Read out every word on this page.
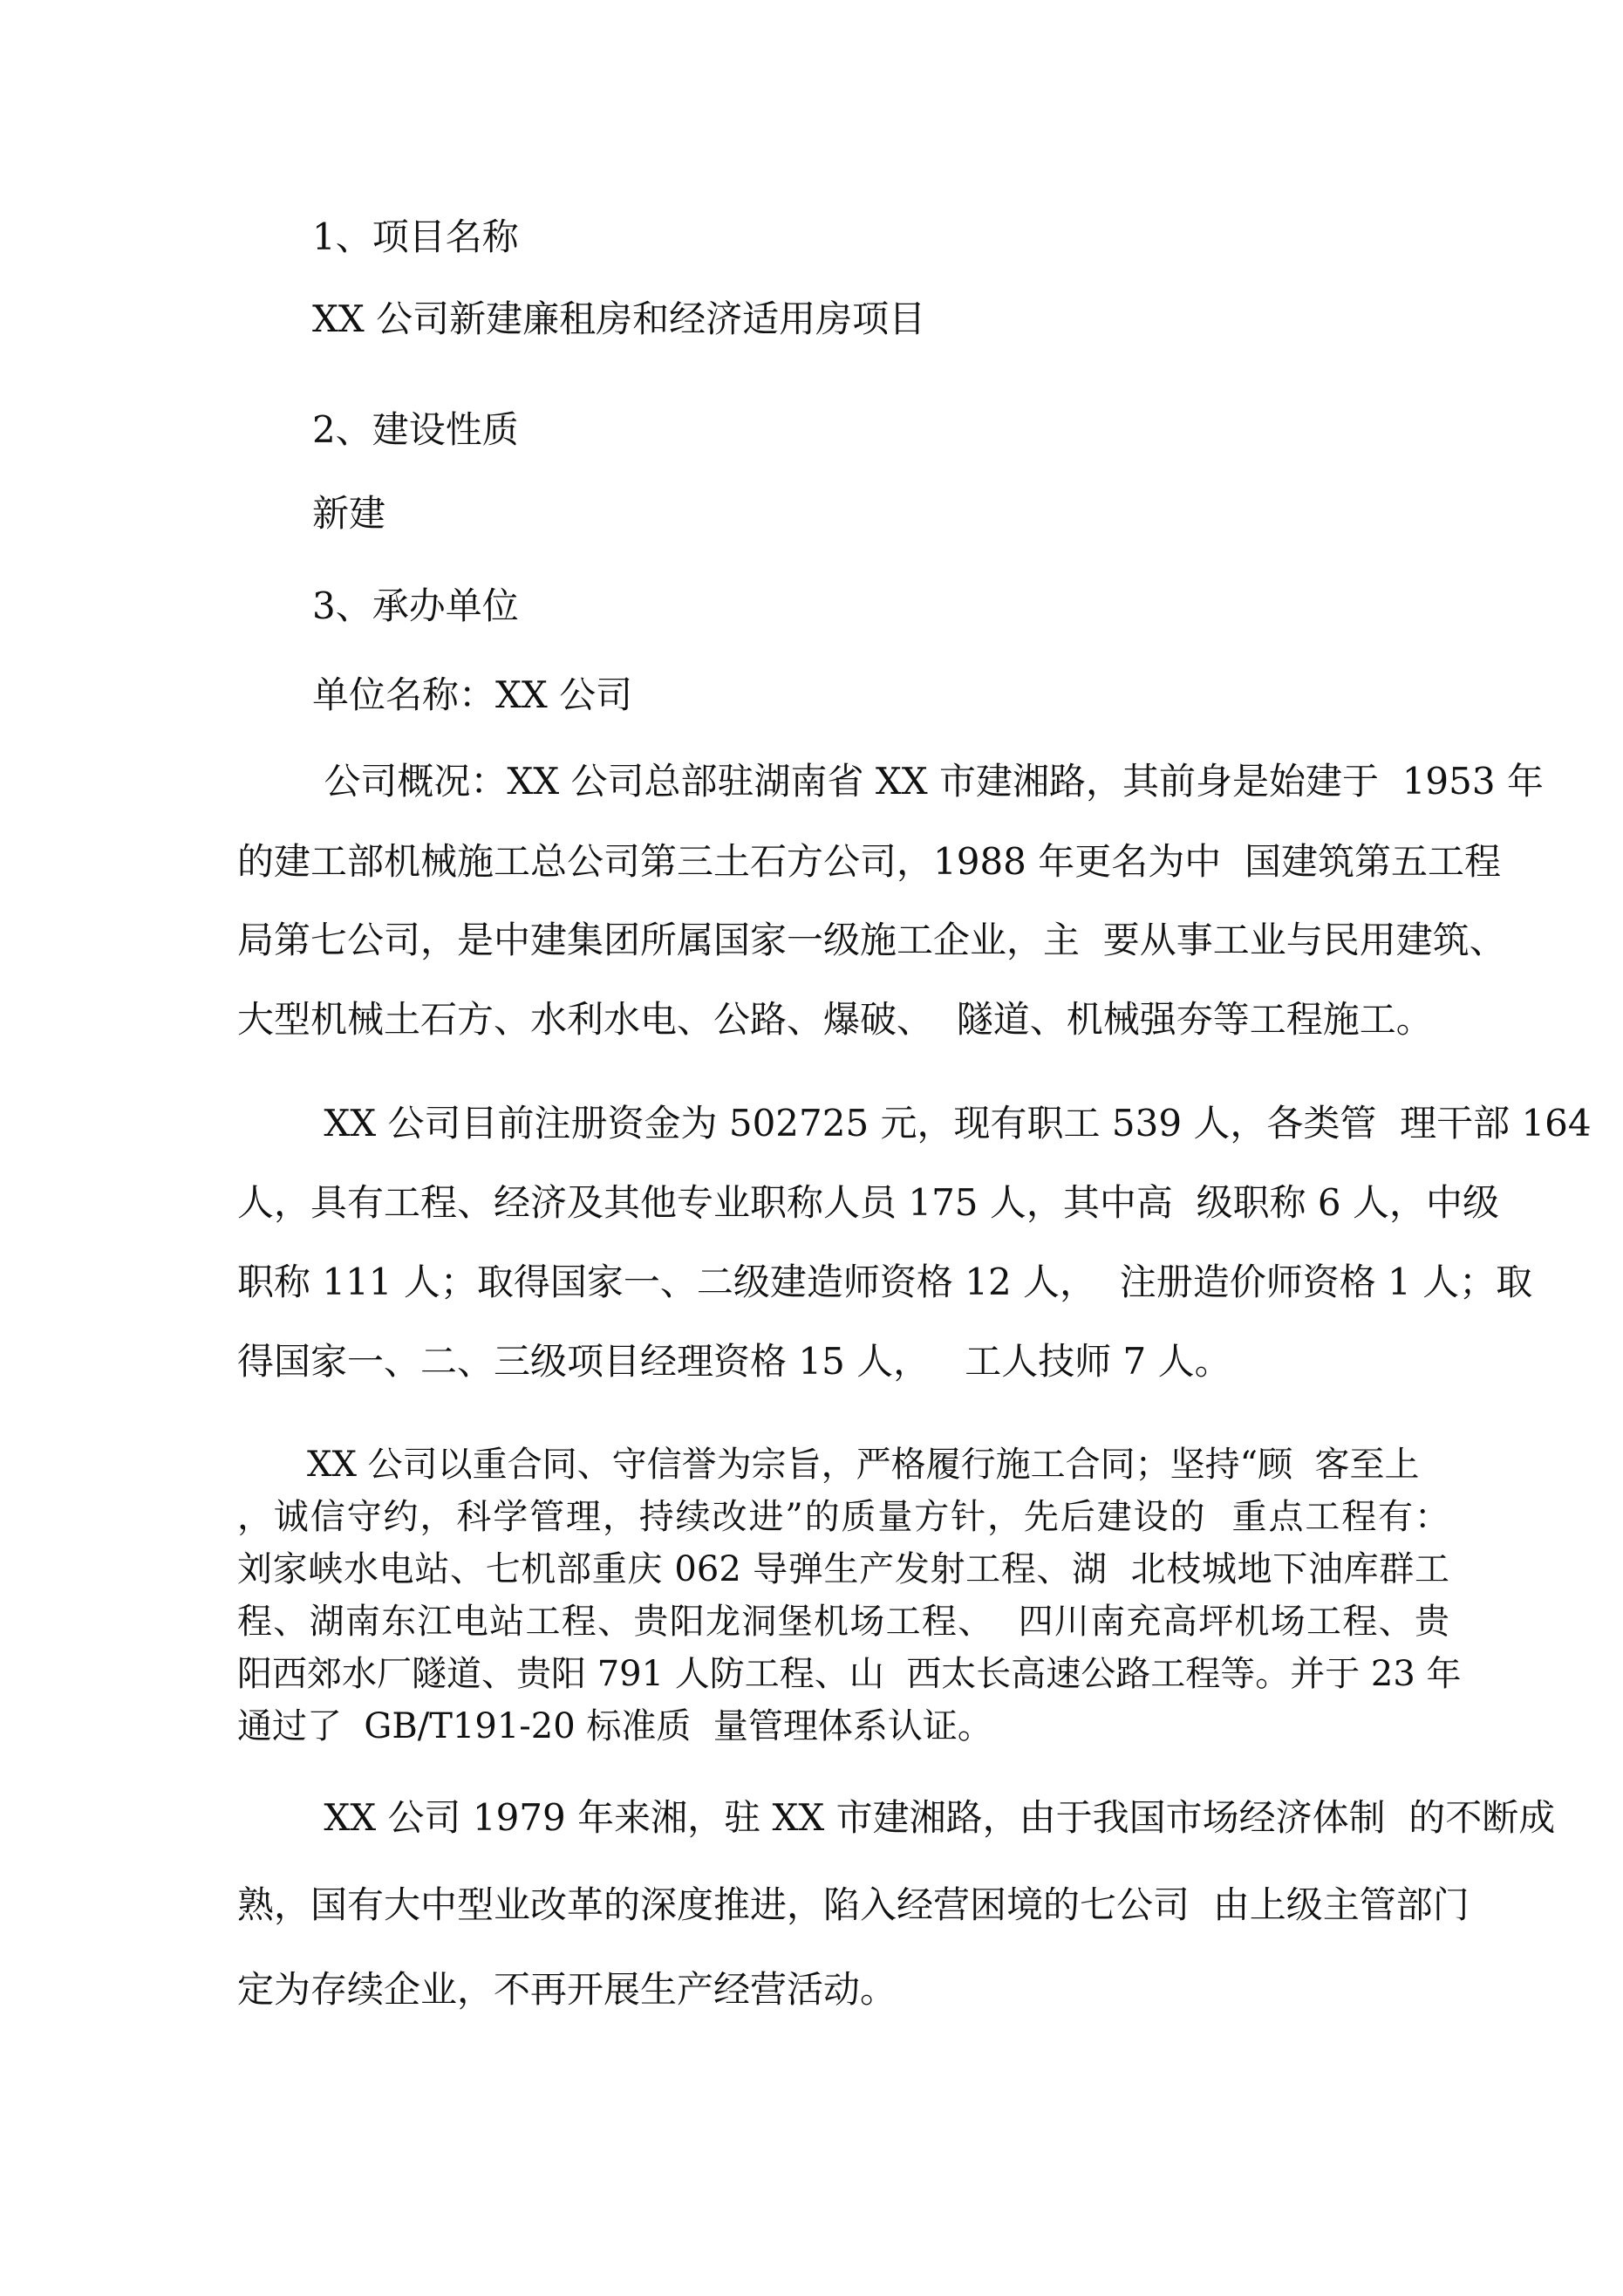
1、项目名称

XX 公司新建廉租房和经济适用房项目

2、建设性质

新建

3、承办单位

单位名称：XX 公司

公司概况：XX 公司总部驻湖南省 XX 市建湘路，其前身是始建于  1953 年

的建工部机械施工总公司第三土石方公司，1988 年更名为中  国建筑第五工程

局第七公司，是中建集团所属国家一级施工企业，主  要从事工业与民用建筑、

大型机械土石方、水利水电、公路、爆破、  隧道、机械强夯等工程施工。

XX 公司目前注册资金为 502725 元，现有职工 539 人，各类管  理干部 164

人，具有工程、经济及其他专业职称人员 175 人，其中高  级职称 6 人，中级

职称 111 人；取得国家一、二级建造师资格 12 人，  注册造价师资格 1 人；取

得国家一、二、三级项目经理资格 15 人，   工人技师 7 人。

XX 公司以重合同、守信誉为宗旨，严格履行施工合同；坚持“顾  客至上

，诚信守约，科学管理，持续改进”的质量方针，先后建设的  重点工程有：

刘家峡水电站、七机部重庆 062 导弹生产发射工程、湖  北枝城地下油库群工

程、湖南东江电站工程、贵阳龙洞堡机场工程、  四川南充高坪机场工程、贵

阳西郊水厂隧道、贵阳 791 人防工程、山  西太长高速公路工程等。并于 23 年

通过了  GB/T191-20 标准质  量管理体系认证。

XX 公司 1979 年来湘，驻 XX 市建湘路，由于我国市场经济体制  的不断成

熟，国有大中型业改革的深度推进，陷入经营困境的七公司  由上级主管部门

定为存续企业，不再开展生产经营活动。
